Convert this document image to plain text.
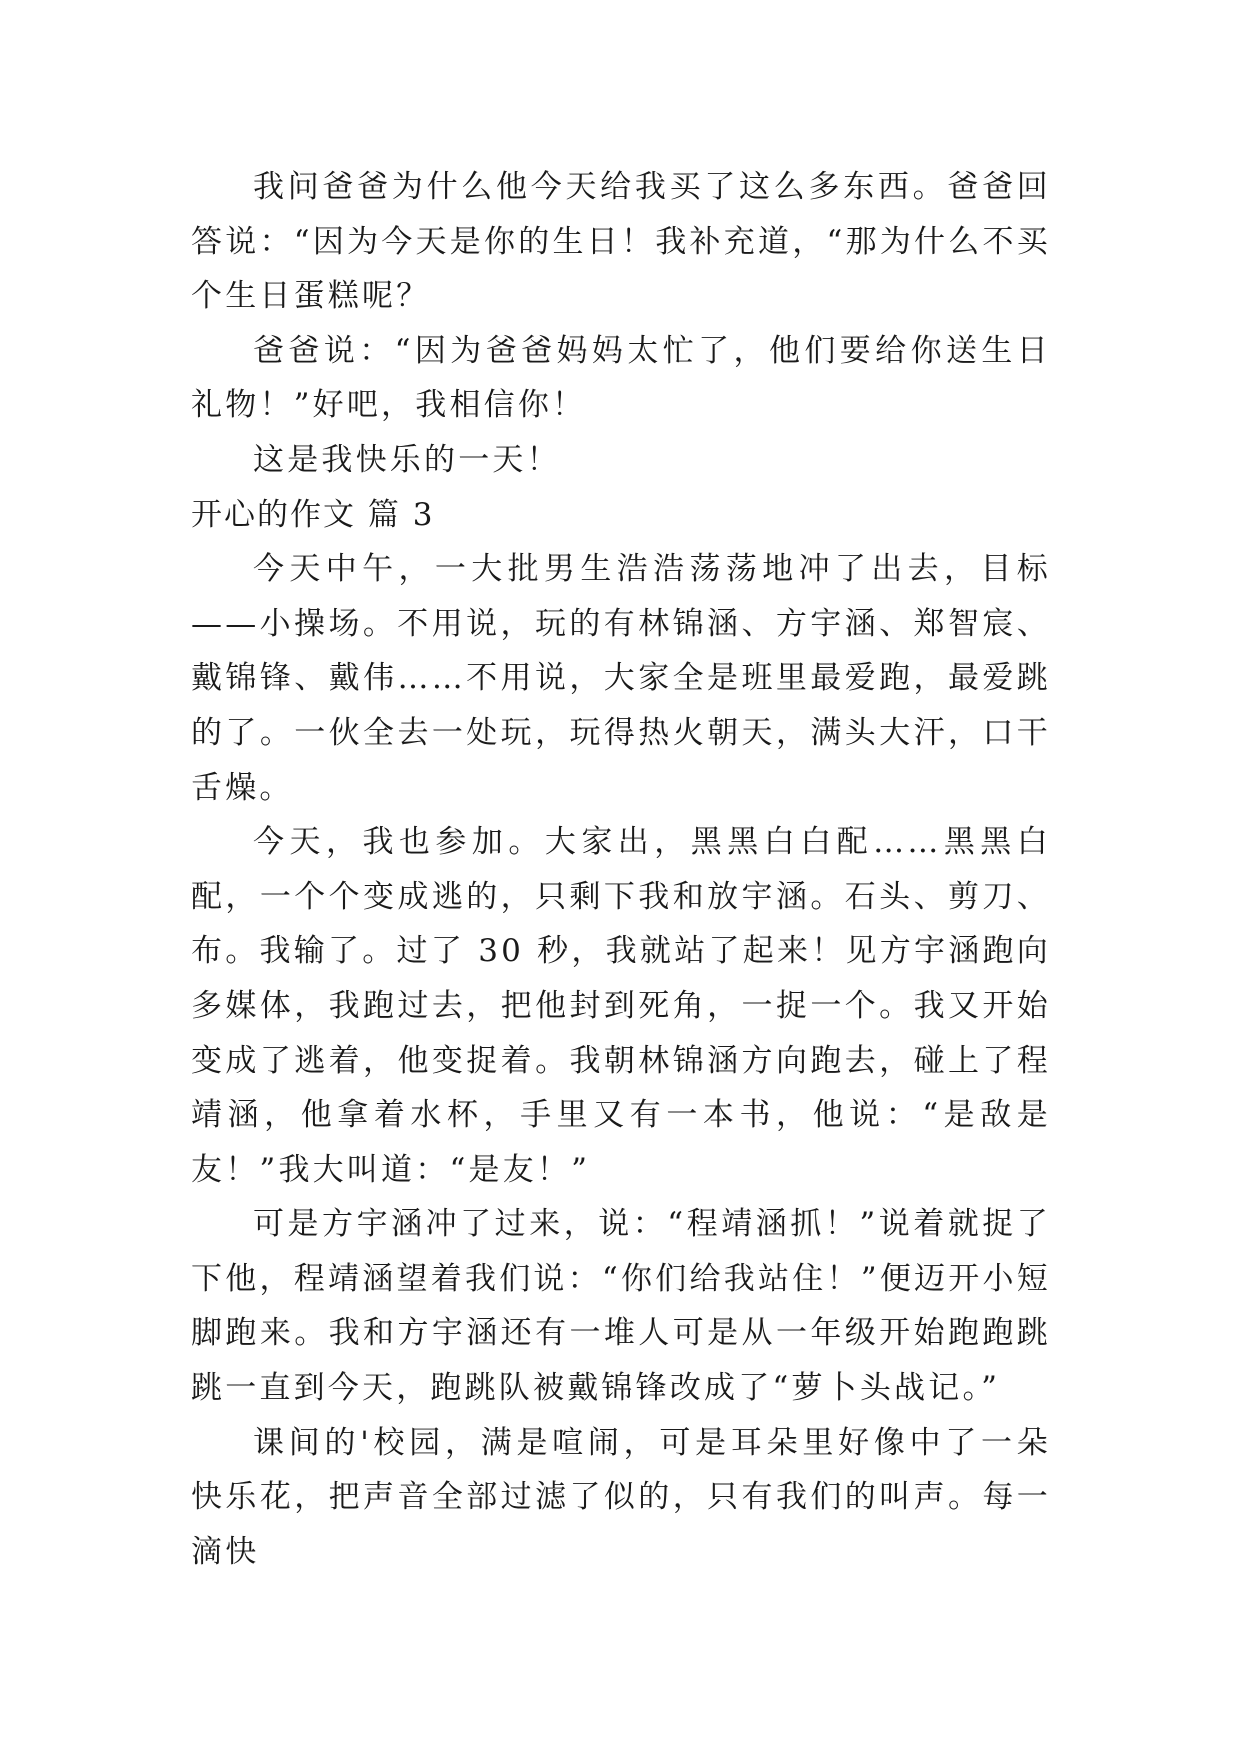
我问爸爸为什么他今天给我买了这么多东西。爸爸回答说：“因为今天是你的生日！我补充道，“那为什么不买个生日蛋糕呢？

爸爸说：“因为爸爸妈妈太忙了，他们要给你送生日礼物！”好吧，我相信你！

这是我快乐的一天！

开心的作文 篇 3

今天中午，一大批男生浩浩荡荡地冲了出去，目标——小操场。不用说，玩的有林锦涵、方宇涵、郑智宸、戴锦锋、戴伟……不用说，大家全是班里最爱跑，最爱跳的了。一伙全去一处玩，玩得热火朝天，满头大汗，口干舌燥。

今天，我也参加。大家出，黑黑白白配……黑黑白配，一个个变成逃的，只剩下我和放宇涵。石头、剪刀、布。我输了。过了 30 秒，我就站了起来！见方宇涵跑向多媒体，我跑过去，把他封到死角，一捉一个。我又开始变成了逃着，他变捉着。我朝林锦涵方向跑去，碰上了程靖涵，他拿着水杯，手里又有一本书，他说：“是敌是友！”我大叫道：“是友！”

可是方宇涵冲了过来，说：“程靖涵抓！”说着就捉了下他，程靖涵望着我们说：“你们给我站住！”便迈开小短脚跑来。我和方宇涵还有一堆人可是从一年级开始跑跑跳跳一直到今天，跑跳队被戴锦锋改成了“萝卜头战记。”

课间的'校园，满是喧闹，可是耳朵里好像中了一朵快乐花，把声音全部过滤了似的，只有我们的叫声。每一滴快
